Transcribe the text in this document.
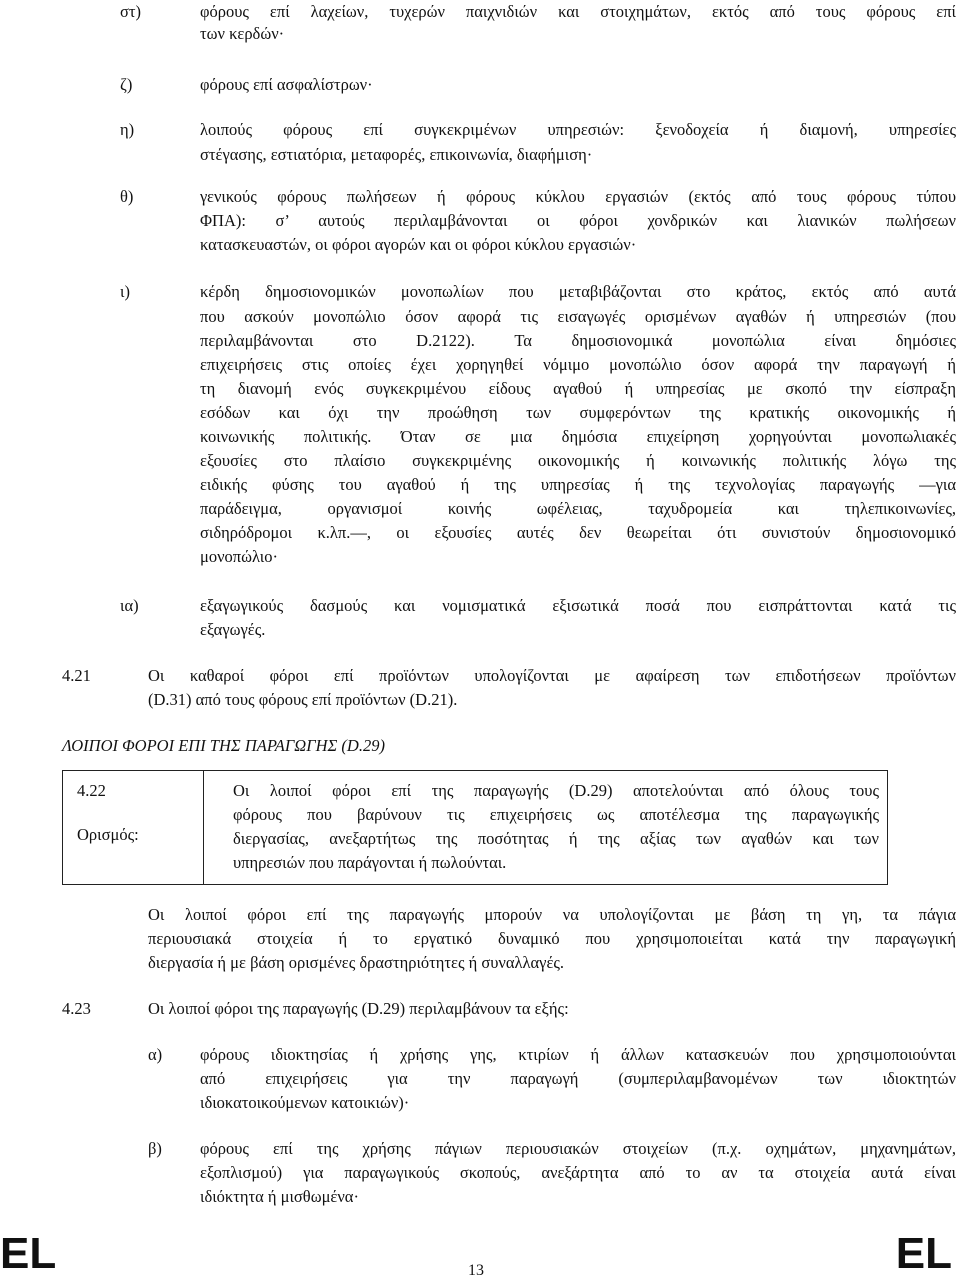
στ)	φόρους επί λαχείων, τυχερών παιχνιδιών και στοιχημάτων, εκτός από τους φόρους επί
των κερδών·
ζ)	φόρους επί ασφαλίστρων·
η)	λοιπούς φόρους επί συγκεκριμένων υπηρεσιών: ξενοδοχεία ή διαμονή, υπηρεσίες
στέγασης, εστιατόρια, μεταφορές, επικοινωνία, διαφήμιση·
θ)	γενικούς φόρους πωλήσεων ή φόρους κύκλου εργασιών (εκτός από τους φόρους τύπου
ΦΠΑ): σ’ αυτούς περιλαμβάνονται οι φόροι χονδρικών και λιανικών πωλήσεων
κατασκευαστών, οι φόροι αγορών και οι φόροι κύκλου εργασιών·
ι)	κέρδη δημοσιονομικών μονοπωλίων που μεταβιβάζονται στο κράτος, εκτός από αυτά
που ασκούν μονοπώλιο όσον αφορά τις εισαγωγές ορισμένων αγαθών ή υπηρεσιών (που
περιλαμβάνονται στο D.2122). Τα δημοσιονομικά μονοπώλια είναι δημόσιες
επιχειρήσεις στις οποίες έχει χορηγηθεί νόμιμο μονοπώλιο όσον αφορά την παραγωγή ή
τη διανομή ενός συγκεκριμένου είδους αγαθού ή υπηρεσίας με σκοπό την είσπραξη
εσόδων και όχι την προώθηση των συμφερόντων της κρατικής οικονομικής ή
κοινωνικής πολιτικής. Όταν σε μια δημόσια επιχείρηση χορηγούνται μονοπωλιακές
εξουσίες στο πλαίσιο συγκεκριμένης οικονομικής ή κοινωνικής πολιτικής λόγω της
ειδικής φύσης του αγαθού ή της υπηρεσίας ή της τεχνολογίας παραγωγής —για
παράδειγμα, οργανισμοί κοινής ωφέλειας, ταχυδρομεία και τηλεπικοινωνίες,
σιδηρόδρομοι κ.λπ.—, οι εξουσίες αυτές δεν θεωρείται ότι συνιστούν δημοσιονομικό
μονοπώλιο·
ια)	εξαγωγικούς δασμούς και νομισματικά εξισωτικά ποσά που εισπράττονται κατά τις
εξαγωγές.
4.21	Οι καθαροί φόροι επί προϊόντων υπολογίζονται με αφαίρεση των επιδοτήσεων προϊόντων
(D.31) από τους φόρους επί προϊόντων (D.21).
ΛΟΙΠΟΙ ΦΟΡΟΙ ΕΠΙ ΤΗΣ ΠΑΡΑΓΩΓΗΣ (D.29)
4.22
Ορισμός:
Οι λοιποί φόροι επί της παραγωγής (D.29) αποτελούνται από όλους τους
φόρους που βαρύνουν τις επιχειρήσεις ως αποτέλεσμα της παραγωγικής
διεργασίας, ανεξαρτήτως της ποσότητας ή της αξίας των αγαθών και των
υπηρεσιών που παράγονται ή πωλούνται.
Οι λοιποί φόροι επί της παραγωγής μπορούν να υπολογίζονται με βάση τη γη, τα πάγια
περιουσιακά στοιχεία ή το εργατικό δυναμικό που χρησιμοποιείται κατά την παραγωγική
διεργασία ή με βάση ορισμένες δραστηριότητες ή συναλλαγές.
4.23	Οι λοιποί φόροι της παραγωγής (D.29) περιλαμβάνουν τα εξής:
α) φόρους ιδιοκτησίας ή χρήσης γης, κτιρίων ή άλλων κατασκευών που χρησιμοποιούνται
από επιχειρήσεις για την παραγωγή (συμπεριλαμβανομένων των ιδιοκτητών
ιδιοκατοικούμενων κατοικιών)·
β) φόρους επί της χρήσης πάγιων περιουσιακών στοιχείων (π.χ. οχημάτων, μηχανημάτων,
εξοπλισμού) για παραγωγικούς σκοπούς, ανεξάρτητα από το αν τα στοιχεία αυτά είναι
ιδιόκτητα ή μισθωμένα·
EL	13	EL
